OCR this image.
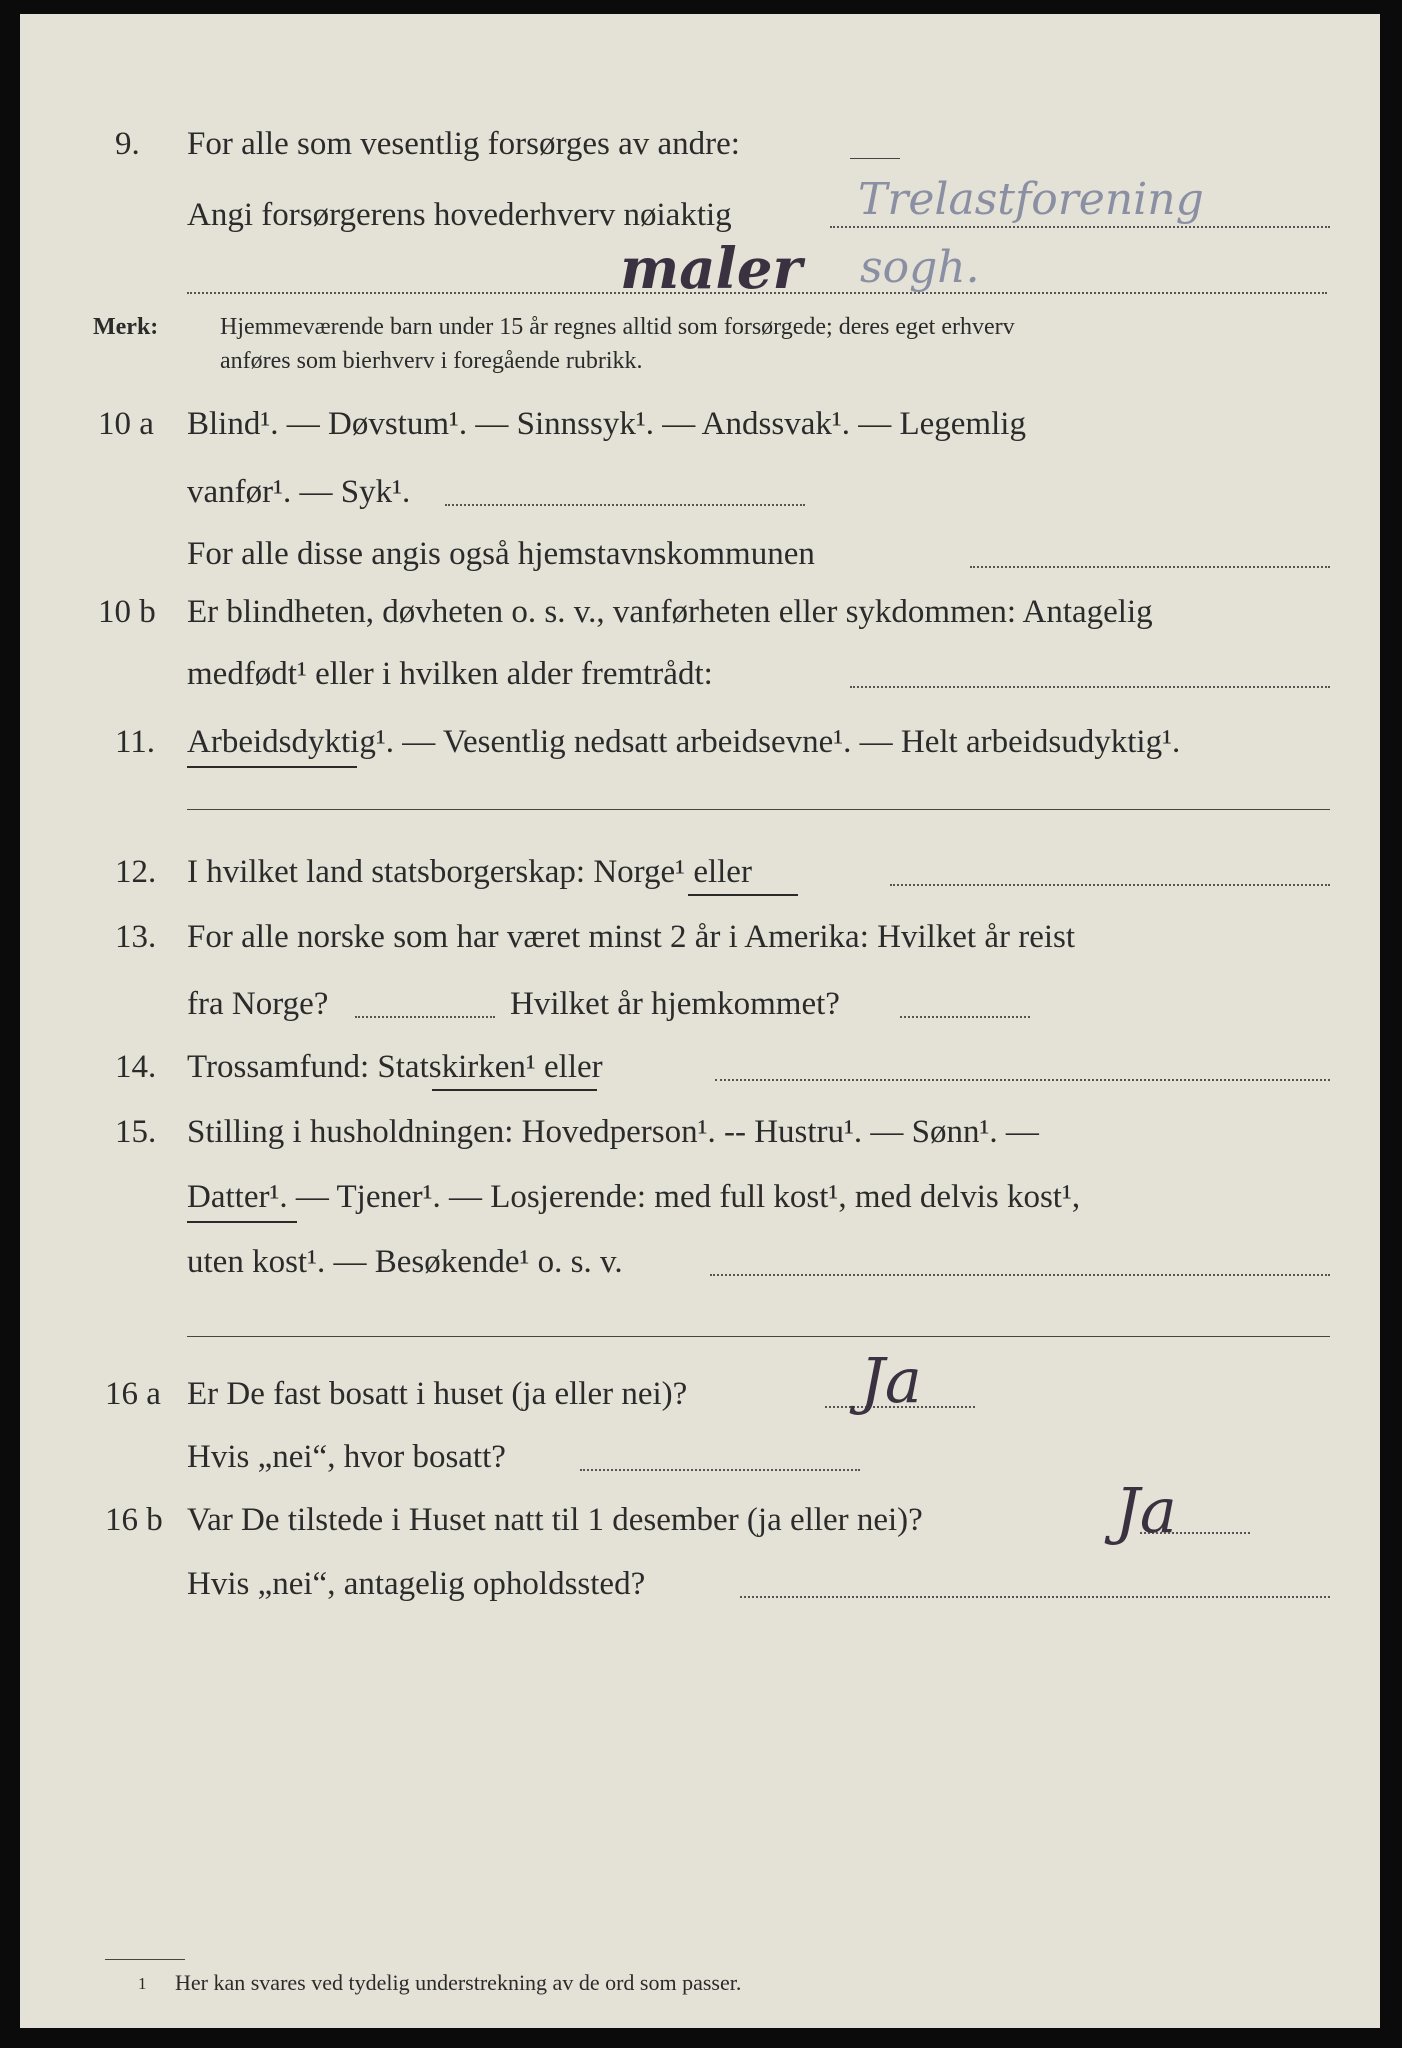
9. For alle som vesentlig forsørges av andre:
Angi forsørgerens hovederhverv nøiaktig	Trelastforening
maler sogh.
Merk:	Hjemmeværende barn under 15 år regnes alltid som forsørgede; deres eget erhverv
anføres som bierhverv i foregående rubrikk.
10 a Blind¹. — Døvstum¹. — Sinnssyk¹. — Andssvak¹. — Legemlig
vanfør¹. — Syk¹.
For alle disse angis også hjemstavnskommunen
10 b Er blindheten, døvheten o. s. v., vanførheten eller sykdommen: Antagelig
medfødt¹ eller i hvilken alder fremtrådt:
11. Arbeidsdyktig¹. — Vesentlig nedsatt arbeidsevne¹. — Helt arbeidsudyktig¹.
12. I hvilket land statsborgerskap: Norge¹ eller
13. For alle norske som har været minst 2 år i Amerika: Hvilket år reist
fra Norge?	Hvilket år hjemkommet?
14. Trossamfund: Statskirken¹ eller
15. Stilling i husholdningen: Hovedperson¹. -- Hustru¹. — Sønn¹. —
Datter¹. — Tjener¹. — Losjerende: med full kost¹, med delvis kost¹,
uten kost¹. — Besøkende¹ o. s. v.
16 a Er De fast bosatt i huset (ja eller nei)?	Ja
Hvis „nei“, hvor bosatt?
16 b Var De tilstede i Huset natt til 1 desember (ja eller nei)?	Ja
Hvis „nei“, antagelig opholdssted?
1 Her kan svares ved tydelig understrekning av de ord som passer.
